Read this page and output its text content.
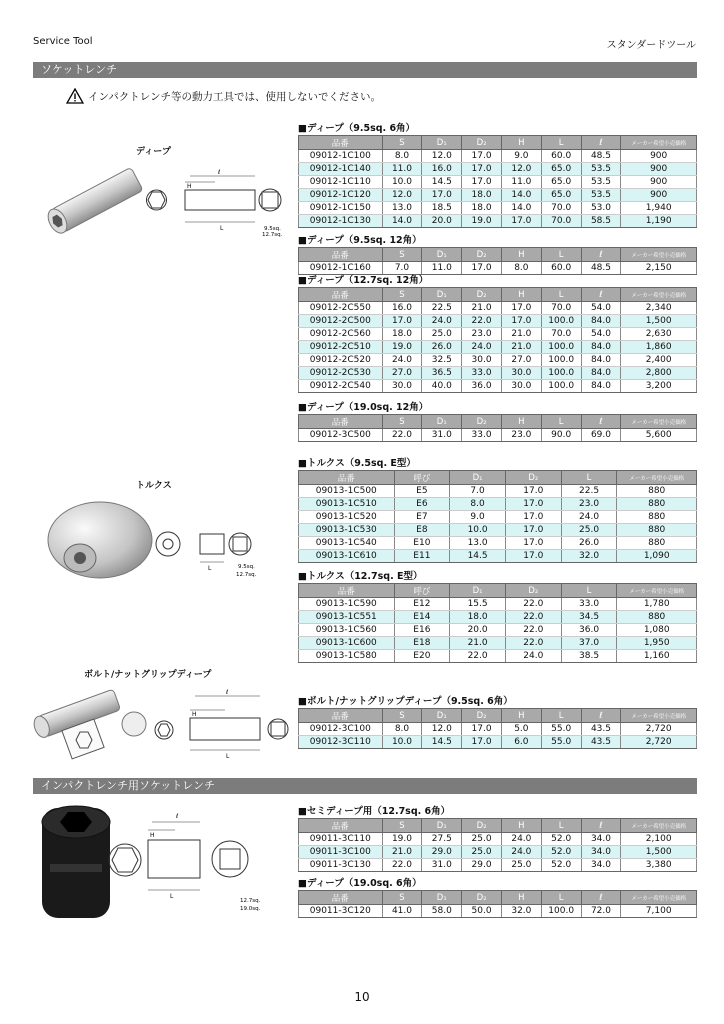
Service Tool	スタンダードツール
ソケットレンチ
インパクトレンチ等の動力工具では、使用しないでください。
ディープ
トルクス
ボルト/ナットグリップディープ
H
ℓ
L	9.5sq.
12.7sq.
L	9.5sq.
12.7sq.
H
ℓ
L
インパクトレンチ用ソケットレンチ
H
ℓ
L
12.7sq.
19.0sq.
■ディープ（9.5sq. 6角）
品番	S	D₁	D₂	H	L	ℓ	メーカー希望小売価格
09012-1C100	8.0	12.0	17.0	9.0	60.0	48.5	900
09012-1C140	11.0	16.0	17.0	12.0	65.0	53.5	900
09012-1C110	10.0	14.5	17.0	11.0	65.0	53.5	900
09012-1C120	12.0	17.0	18.0	14.0	65.0	53.5	900
09012-1C150	13.0	18.5	18.0	14.0	70.0	53.0	1,940
09012-1C130	14.0	20.0	19.0	17.0	70.0	58.5	1,190
■ディープ（9.5sq. 12角）
品番	S	D₁	D₂	H	L	ℓ	メーカー希望小売価格
09012-1C160	7.0	11.0	17.0	8.0	60.0	48.5	2,150
■ディープ（12.7sq. 12角）
品番	S	D₁	D₂	H	L	ℓ	メーカー希望小売価格
09012-2C550	16.0	22.5	21.0	17.0	70.0	54.0	2,340
09012-2C500	17.0	24.0	22.0	17.0	100.0	84.0	1,500
09012-2C560	18.0	25.0	23.0	21.0	70.0	54.0	2,630
09012-2C510	19.0	26.0	24.0	21.0	100.0	84.0	1,860
09012-2C520	24.0	32.5	30.0	27.0	100.0	84.0	2,400
09012-2C530	27.0	36.5	33.0	30.0	100.0	84.0	2,800
09012-2C540	30.0	40.0	36.0	30.0	100.0	84.0	3,200
■ディープ（19.0sq. 12角）
品番	S	D₁	D₂	H	L	ℓ	メーカー希望小売価格
09012-3C500	22.0	31.0	33.0	23.0	90.0	69.0	5,600
■トルクス（9.5sq. E型）
品番	呼び	D₁	D₂	L	メーカー希望小売価格
09013-1C500	E5	7.0	17.0	22.5	880
09013-1C510	E6	8.0	17.0	23.0	880
09013-1C520	E7	9.0	17.0	24.0	880
09013-1C530	E8	10.0	17.0	25.0	880
09013-1C540	E10	13.0	17.0	26.0	880
09013-1C610	E11	14.5	17.0	32.0	1,090
■トルクス（12.7sq. E型）
品番	呼び	D₁	D₂	L	メーカー希望小売価格
09013-1C590	E12	15.5	22.0	33.0	1,780
09013-1C551	E14	18.0	22.0	34.5	880
09013-1C560	E16	20.0	22.0	36.0	1,080
09013-1C600	E18	21.0	22.0	37.0	1,950
09013-1C580	E20	22.0	24.0	38.5	1,160
■ボルト/ナットグリップディープ（9.5sq. 6角）
品番	S	D₁	D₂	H	L	ℓ	メーカー希望小売価格
09012-3C100	8.0	12.0	17.0	5.0	55.0	43.5	2,720
09012-3C110	10.0	14.5	17.0	6.0	55.0	43.5	2,720
■セミディープ用（12.7sq. 6角）
品番	S	D₁	D₂	H	L	ℓ	メーカー希望小売価格
09011-3C110	19.0	27.5	25.0	24.0	52.0	34.0	2,100
09011-3C100	21.0	29.0	25.0	24.0	52.0	34.0	1,500
09011-3C130	22.0	31.0	29.0	25.0	52.0	34.0	3,380
■ディープ（19.0sq. 6角）
品番	S	D₁	D₂	H	L	ℓ	メーカー希望小売価格
09011-3C120	41.0	58.0	50.0	32.0	100.0	72.0	7,100
10
